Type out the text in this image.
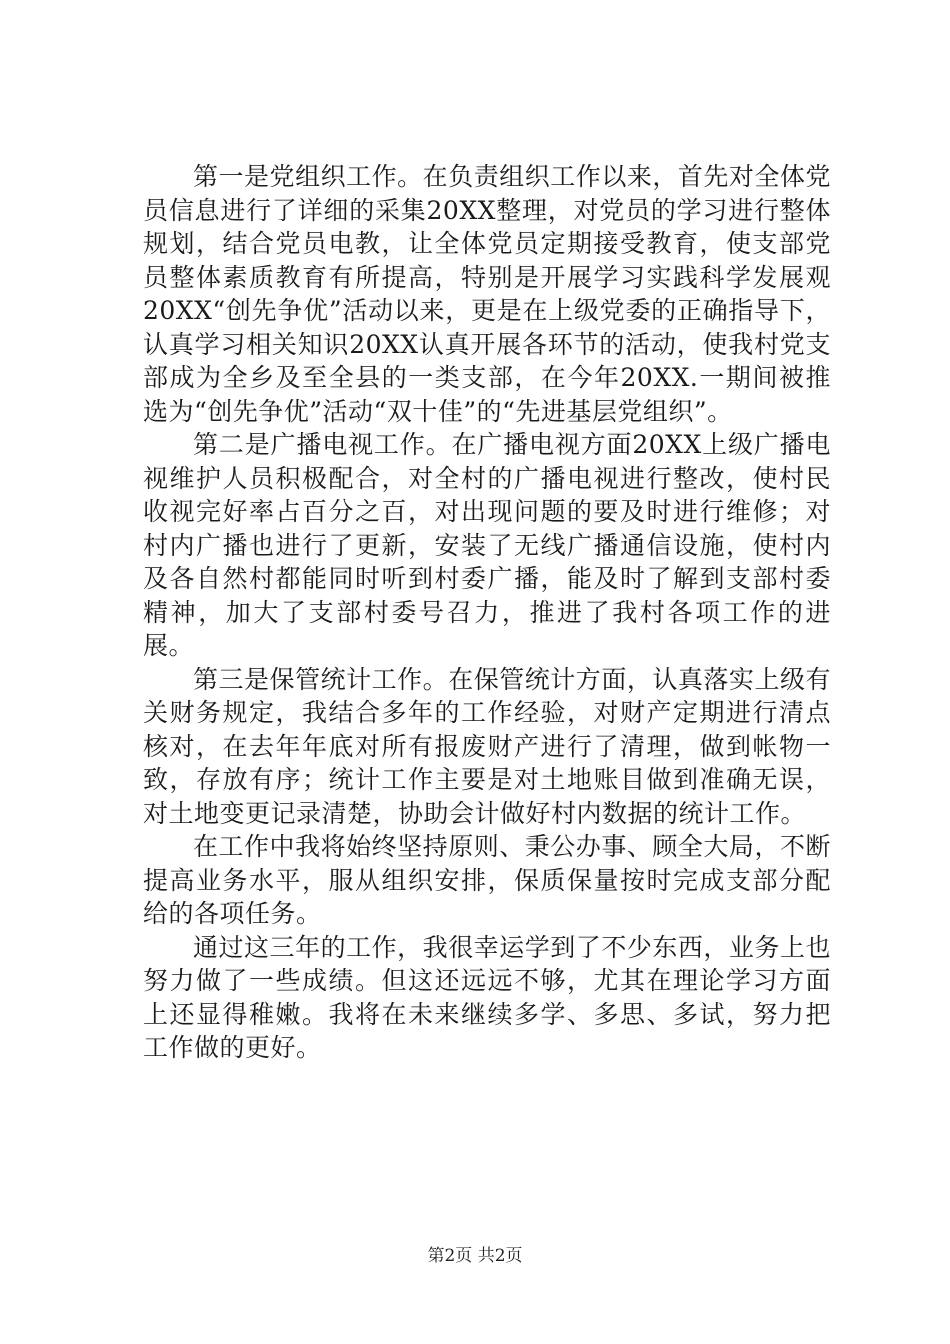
第一是党组织工作。在负责组织工作以来，首先对全体党员信息进行了详细的采集20XX整理，对党员的学习进行整体规划，结合党员电教，让全体党员定期接受教育，使支部党员整体素质教育有所提高，特别是开展学习实践科学发展观20XX“创先争优”活动以来，更是在上级党委的正确指导下，认真学习相关知识20XX认真开展各环节的活动，使我村党支部成为全乡及至全县的一类支部，在今年20XX.一期间被推选为“创先争优”活动“双十佳”的“先进基层党组织”。

第二是广播电视工作。在广播电视方面20XX上级广播电视维护人员积极配合，对全村的广播电视进行整改，使村民收视完好率占百分之百，对出现问题的要及时进行维修；对村内广播也进行了更新，安装了无线广播通信设施，使村内及各自然村都能同时听到村委广播，能及时了解到支部村委精神，加大了支部村委号召力，推进了我村各项工作的进展。

第三是保管统计工作。在保管统计方面，认真落实上级有关财务规定，我结合多年的工作经验，对财产定期进行清点核对，在去年年底对所有报废财产进行了清理，做到帐物一致，存放有序；统计工作主要是对土地账目做到准确无误，对土地变更记录清楚，协助会计做好村内数据的统计工作。

在工作中我将始终坚持原则、秉公办事、顾全大局，不断提高业务水平，服从组织安排，保质保量按时完成支部分配给的各项任务。

通过这三年的工作，我很幸运学到了不少东西，业务上也努力做了一些成绩。但这还远远不够，尤其在理论学习方面上还显得稚嫩。我将在未来继续多学、多思、多试，努力把工作做的更好。

第2页 共2页
